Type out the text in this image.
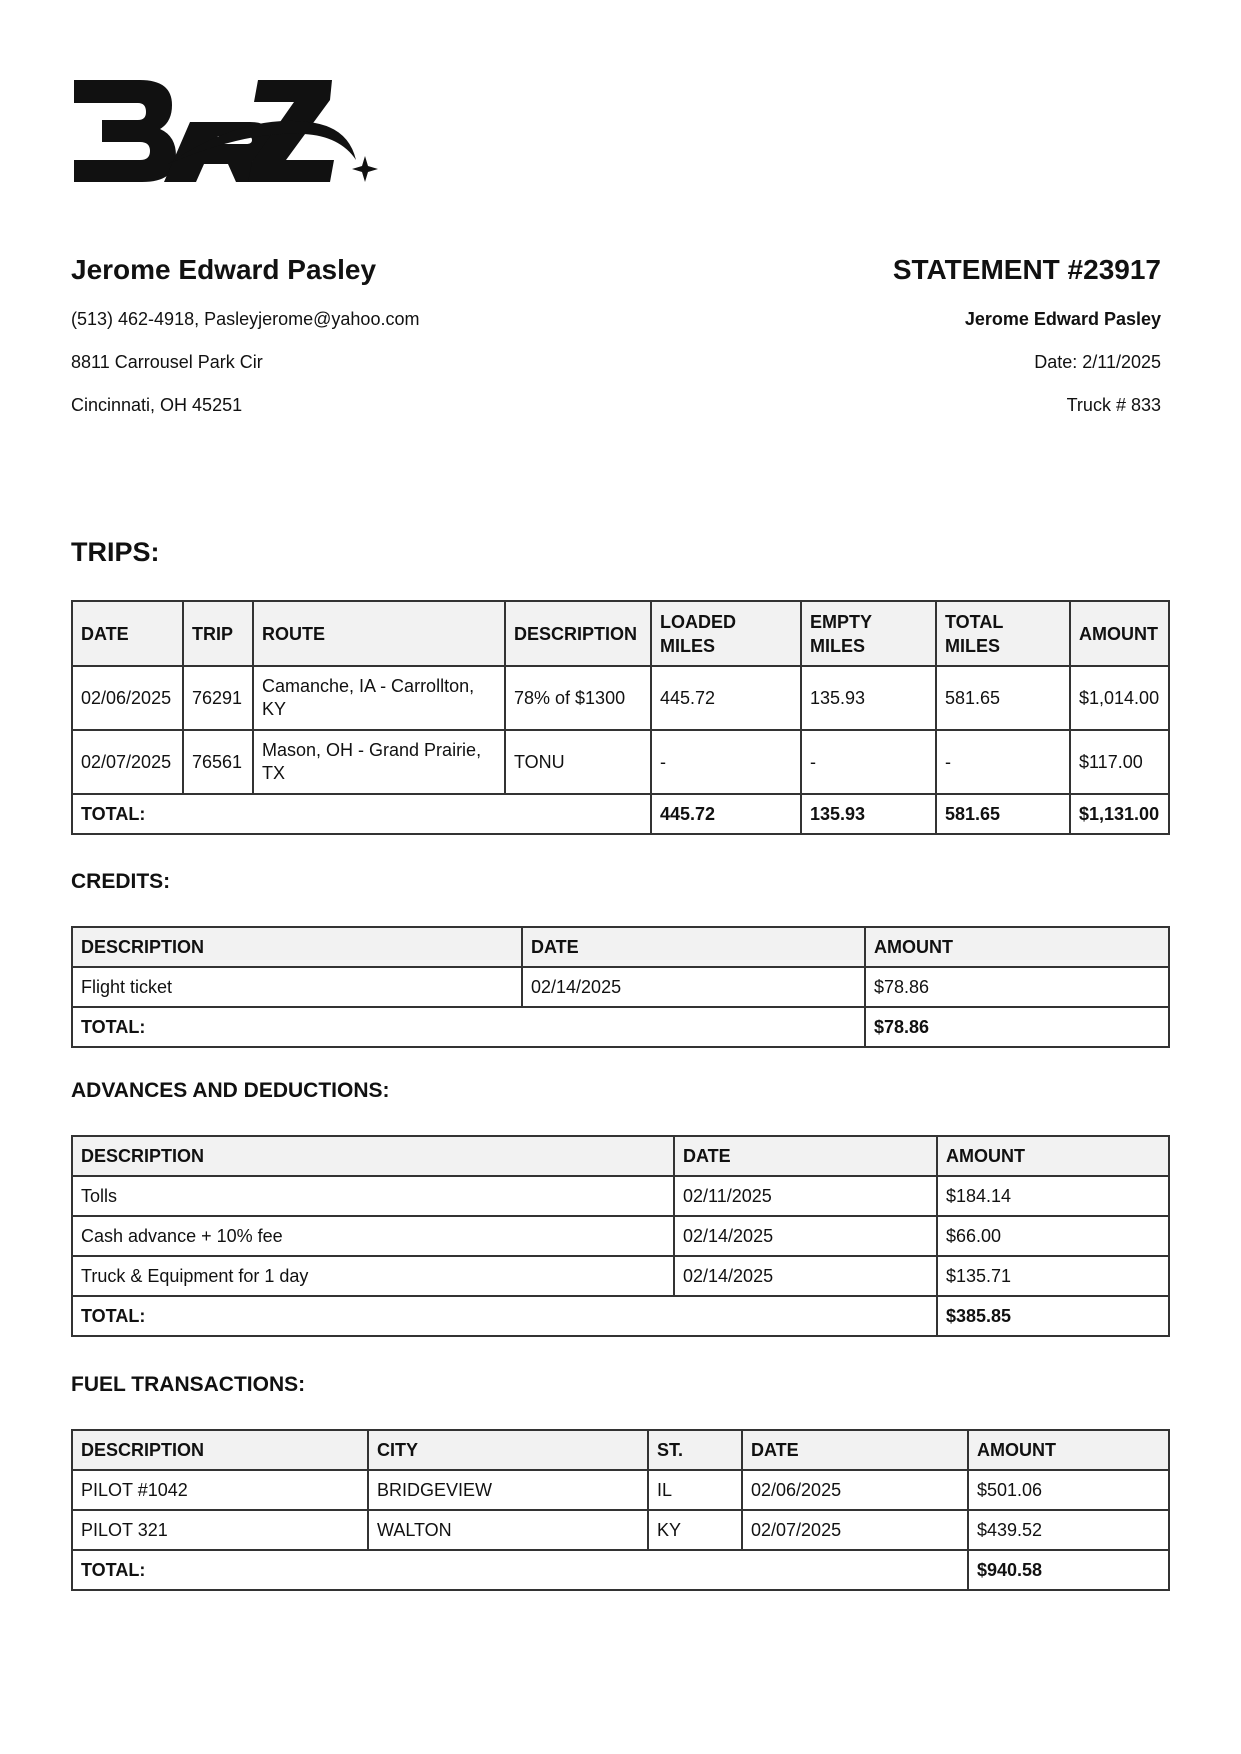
Jerome Edward Pasley

(513) 462-4918, Pasleyjerome@yahoo.com

8811 Carrousel Park Cir

Cincinnati, OH 45251

STATEMENT #23917

Jerome Edward Pasley

Date: 2/11/2025

Truck # 833

TRIPS:

DATE	TRIP	ROUTE	DESCRIPTION	LOADED MILES	EMPTY MILES	TOTAL MILES	AMOUNT
02/06/2025	76291	Camanche, IA - Carrollton, KY	78% of $1300	445.72	135.93	581.65	$1,014.00
02/07/2025	76561	Mason, OH - Grand Prairie, TX	TONU	-	-	-	$117.00
TOTAL:				445.72	135.93	581.65	$1,131.00

CREDITS:

DESCRIPTION	DATE	AMOUNT
Flight ticket	02/14/2025	$78.86
TOTAL:		$78.86

ADVANCES AND DEDUCTIONS:

DESCRIPTION	DATE	AMOUNT
Tolls	02/11/2025	$184.14
Cash advance + 10% fee	02/14/2025	$66.00
Truck & Equipment for 1 day	02/14/2025	$135.71
TOTAL:		$385.85

FUEL TRANSACTIONS:

DESCRIPTION	CITY	ST.	DATE	AMOUNT
PILOT #1042	BRIDGEVIEW	IL	02/06/2025	$501.06
PILOT 321	WALTON	KY	02/07/2025	$439.52
TOTAL:				$940.58
